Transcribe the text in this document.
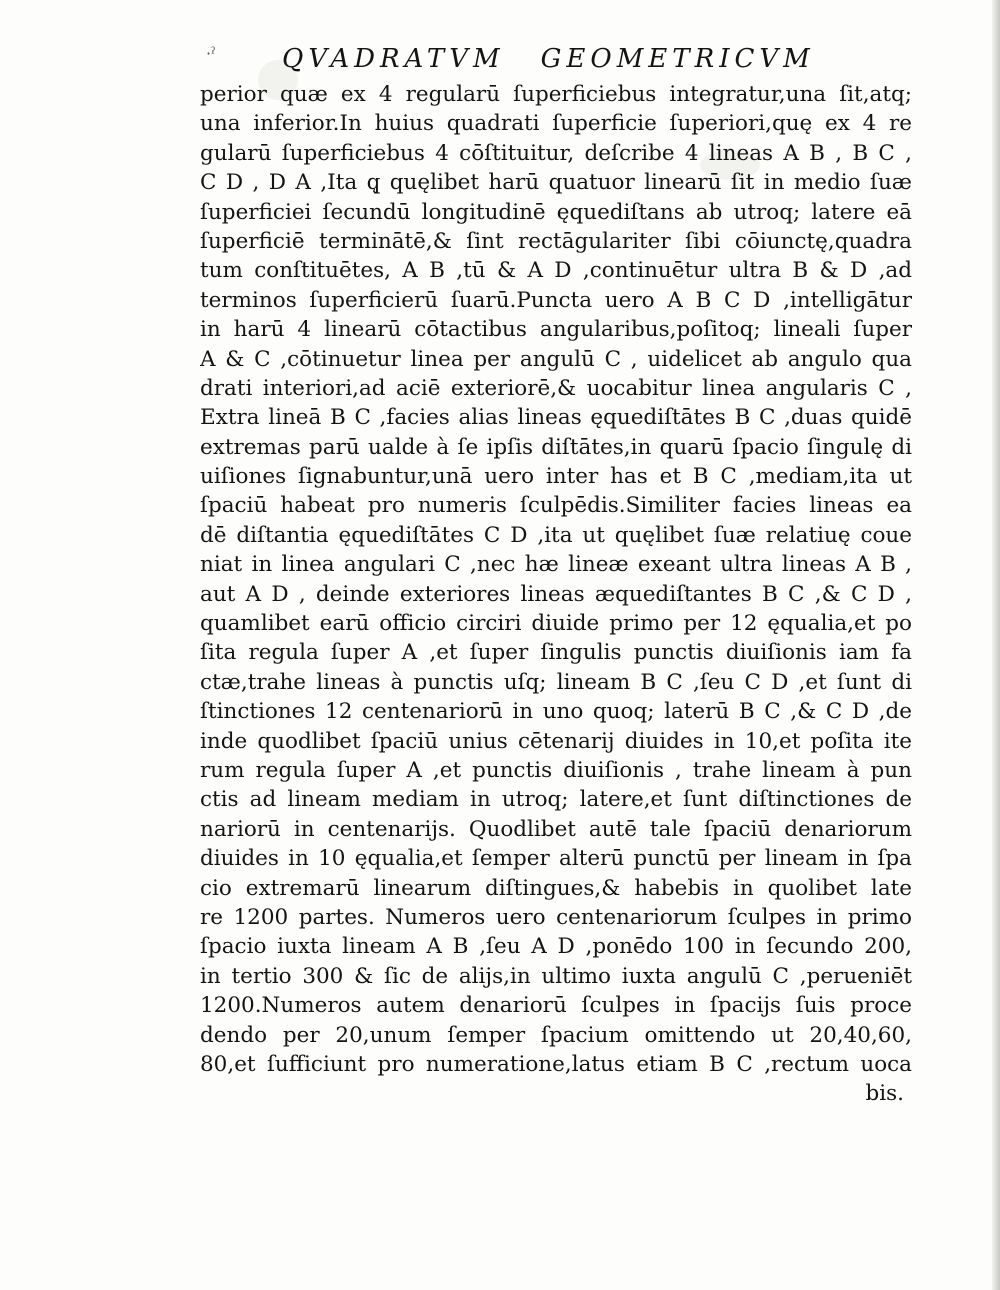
·ˀ	QVADRATVM GEOMETRICVM
perior quæ ex 4 regularū ſuperficiebus integratur,una ſit,atq;
una inferior.In huius quadrati ſuperficie ſuperiori,quę ex 4 re
gularū ſuperficiebus 4 cōſtituitur, deſcribe 4 lineas A B , B C ,
C D , D A ,Ita q̨ quęlibet harū quatuor linearū ſit in medio ſuæ
ſuperficiei ſecundū longitudinē ęquediſtans ab utroq; latere eā
ſuperficiē terminātē,& ſint rectāgulariter ſibi cōiunctę,quadra
tum conſtituētes, A B ,tū & A D ,continuētur ultra B & D ,ad
terminos ſuperficierū ſuarū.Puncta uero A B C D ,intelligātur
in harū 4 linearū cōtactibus angularibus,poſitoq; lineali ſuper
A & C ,cōtinuetur linea per angulū C , uidelicet ab angulo qua
drati interiori,ad aciē exteriorē,& uocabitur linea angularis C ,
Extra lineā B C ,facies alias lineas ęquediſtātes B C ,duas quidē
extremas parū ualde à ſe ipſis diſtātes,in quarū ſpacio ſingulę di
uiſiones ſignabuntur,unā uero inter has et B C ,mediam,ita ut
ſpaciū habeat pro numeris ſculpēdis.Similiter facies lineas ea
dē diſtantia ęquediſtātes C D ,ita ut quęlibet ſuæ relatiuę coue
niat in linea angulari C ,nec hæ lineæ exeant ultra lineas A B ,
aut A D , deinde exteriores lineas æquediſtantes B C ,& C D ,
quamlibet earū officio circiri diuide primo per 12 ęqualia,et po
ſita regula ſuper A ,et ſuper ſingulis punctis diuiſionis iam fa
ctæ,trahe lineas à punctis uſq; lineam B C ,ſeu C D ,et ſunt di
ſtinctiones 12 centenariorū in uno quoq; laterū B C ,& C D ,de
inde quodlibet ſpaciū unius cētenarij diuides in 10,et poſita ite
rum regula ſuper A ,et punctis diuiſionis , trahe lineam à pun
ctis ad lineam mediam in utroq; latere,et ſunt diſtinctiones de
nariorū in centenarijs. Quodlibet autē tale ſpaciū denariorum
diuides in 10 ęqualia,et ſemper alterū punctū per lineam in ſpa
cio extremarū linearum diſtingues,& habebis in quolibet late
re 1200 partes. Numeros uero centenariorum ſculpes in primo
ſpacio iuxta lineam A B ,ſeu A D ,ponēdo 100 in ſecundo 200,
in tertio 300 & ſic de alijs,in ultimo iuxta angulū C ,perueniēt
1200.Numeros autem denariorū ſculpes in ſpacijs ſuis proce
dendo per 20,unum ſemper ſpacium omittendo ut 20,40,60,
80,et ſufficiunt pro numeratione,latus etiam B C ,rectum uoca
bis.
